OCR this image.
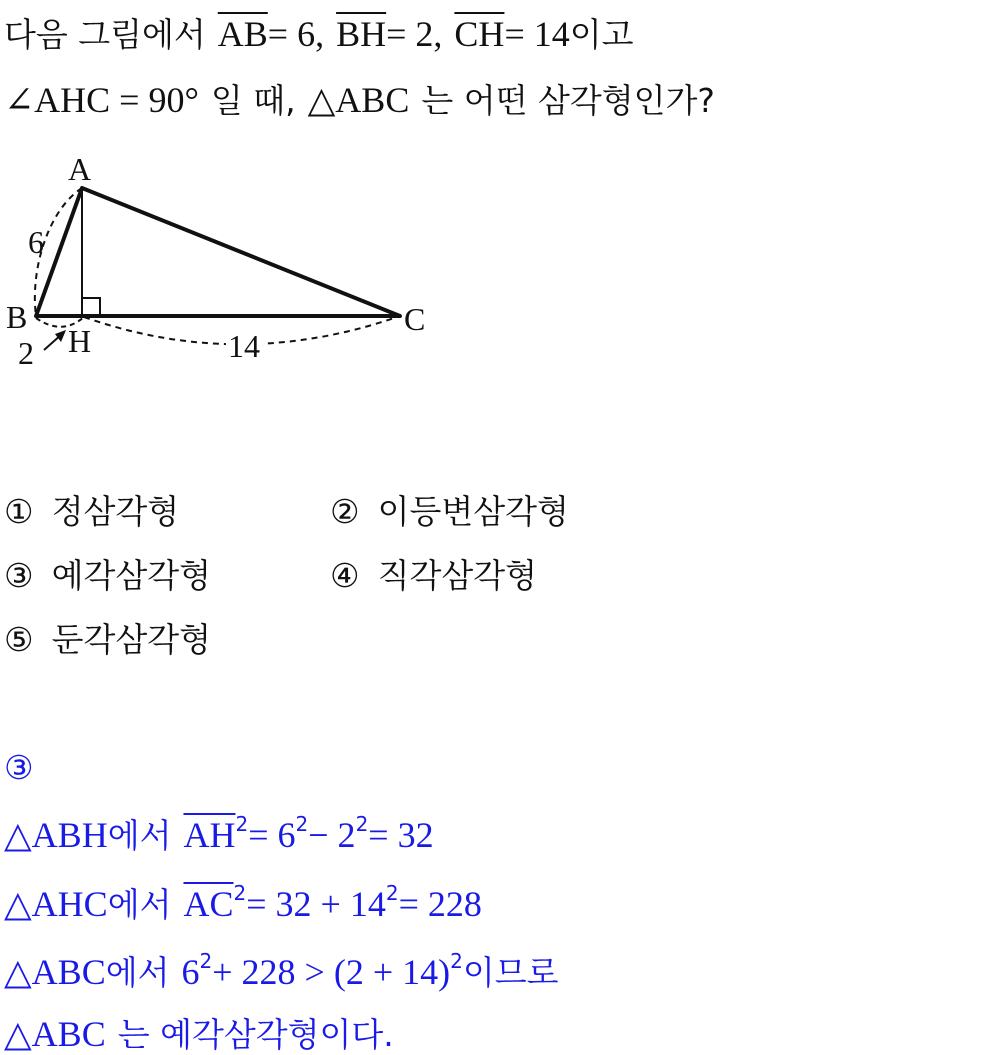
다음 그림에서 $\overline{AB}= 6$, $\overline{BH}= 2$, $\overline{CH}= 14$이고
∠AHC = 90° 일 때, △ABC 는 어떤 삼각형인가?
A
B	C
H
6
2	14
① 정삼각형	② 이등변삼각형
③ 예각삼각형	④ 직각삼각형
⑤ 둔각삼각형
③
△ABH에서 $\overline{AH}^2= 6^2- 2^2= 32$
△AHC에서 $\overline{AC}^2= 32 + 14^2= 228$
△ABC에서 $6^2+ 228 > (2 + 14)^2$이므로
△ABC 는 예각삼각형이다.
